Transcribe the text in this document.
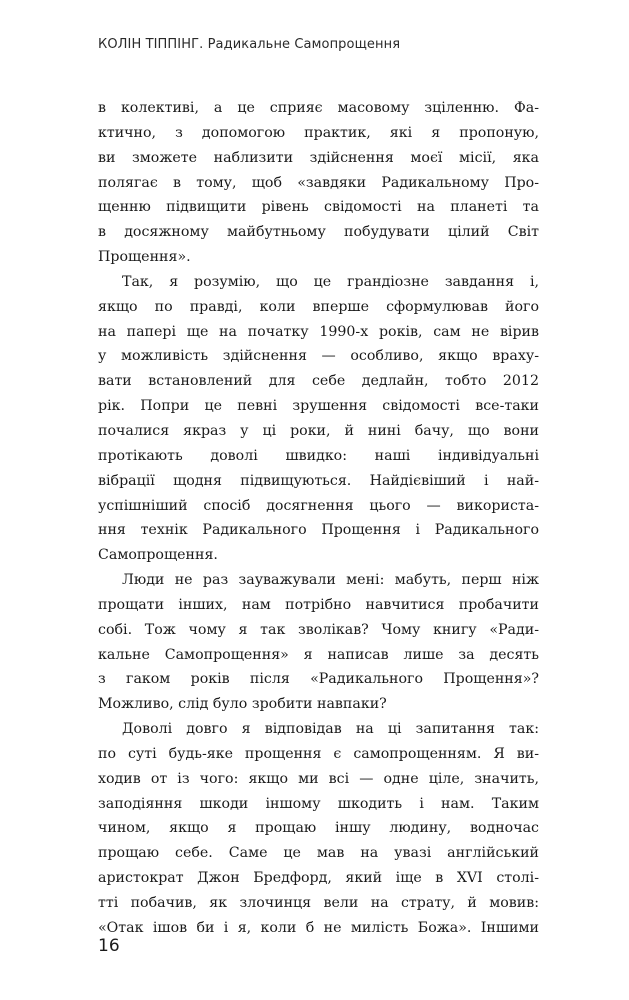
КОЛІН ТІППІНГ. Радикальне Самопрощення
в колективі, а це сприяє масовому зціленню. Фа-
ктично, з допомогою практик, які я пропоную,
ви зможете наблизити здійснення моєї місії, яка
полягає в тому, щоб «завдяки Радикальному Про-
щенню підвищити рівень свідомості на планеті та
в досяжному майбутньому побудувати цілий Світ
Прощення».
Так, я розумію, що це грандіозне завдання і,
якщо по правді, коли вперше сформулював його
на папері ще на початку 1990-х років, сам не вірив
у можливість здійснення — особливо, якщо враху-
вати встановлений для себе дедлайн, тобто 2012
рік. Попри це певні зрушення свідомості все-таки
почалися якраз у ці роки, й нині бачу, що вони
протікають доволі швидко: наші індивідуальні
вібрації щодня підвищуються. Найдієвіший і най-
успішніший спосіб досягнення цього — використа-
ння технік Радикального Прощення і Радикального
Самопрощення.
Люди не раз зауважували мені: мабуть, перш ніж
прощати інших, нам потрібно навчитися пробачити
собі. Тож чому я так зволікав? Чому книгу «Ради-
кальне Самопрощення» я написав лише за десять
з гаком років після «Радикального Прощення»?
Можливо, слід було зробити навпаки?
Доволі довго я відповідав на ці запитання так:
по суті будь-яке прощення є самопрощенням. Я ви-
ходив от із чого: якщо ми всі — одне ціле, значить,
заподіяння шкоди іншому шкодить і нам. Таким
чином, якщо я прощаю іншу людину, водночас
прощаю себе. Саме це мав на увазі англійський
аристократ Джон Бредфорд, який іще в XVI столі-
тті побачив, як злочинця вели на страту, й мовив:
«Отак ішов би і я, коли б не милість Божа». Іншими
16
